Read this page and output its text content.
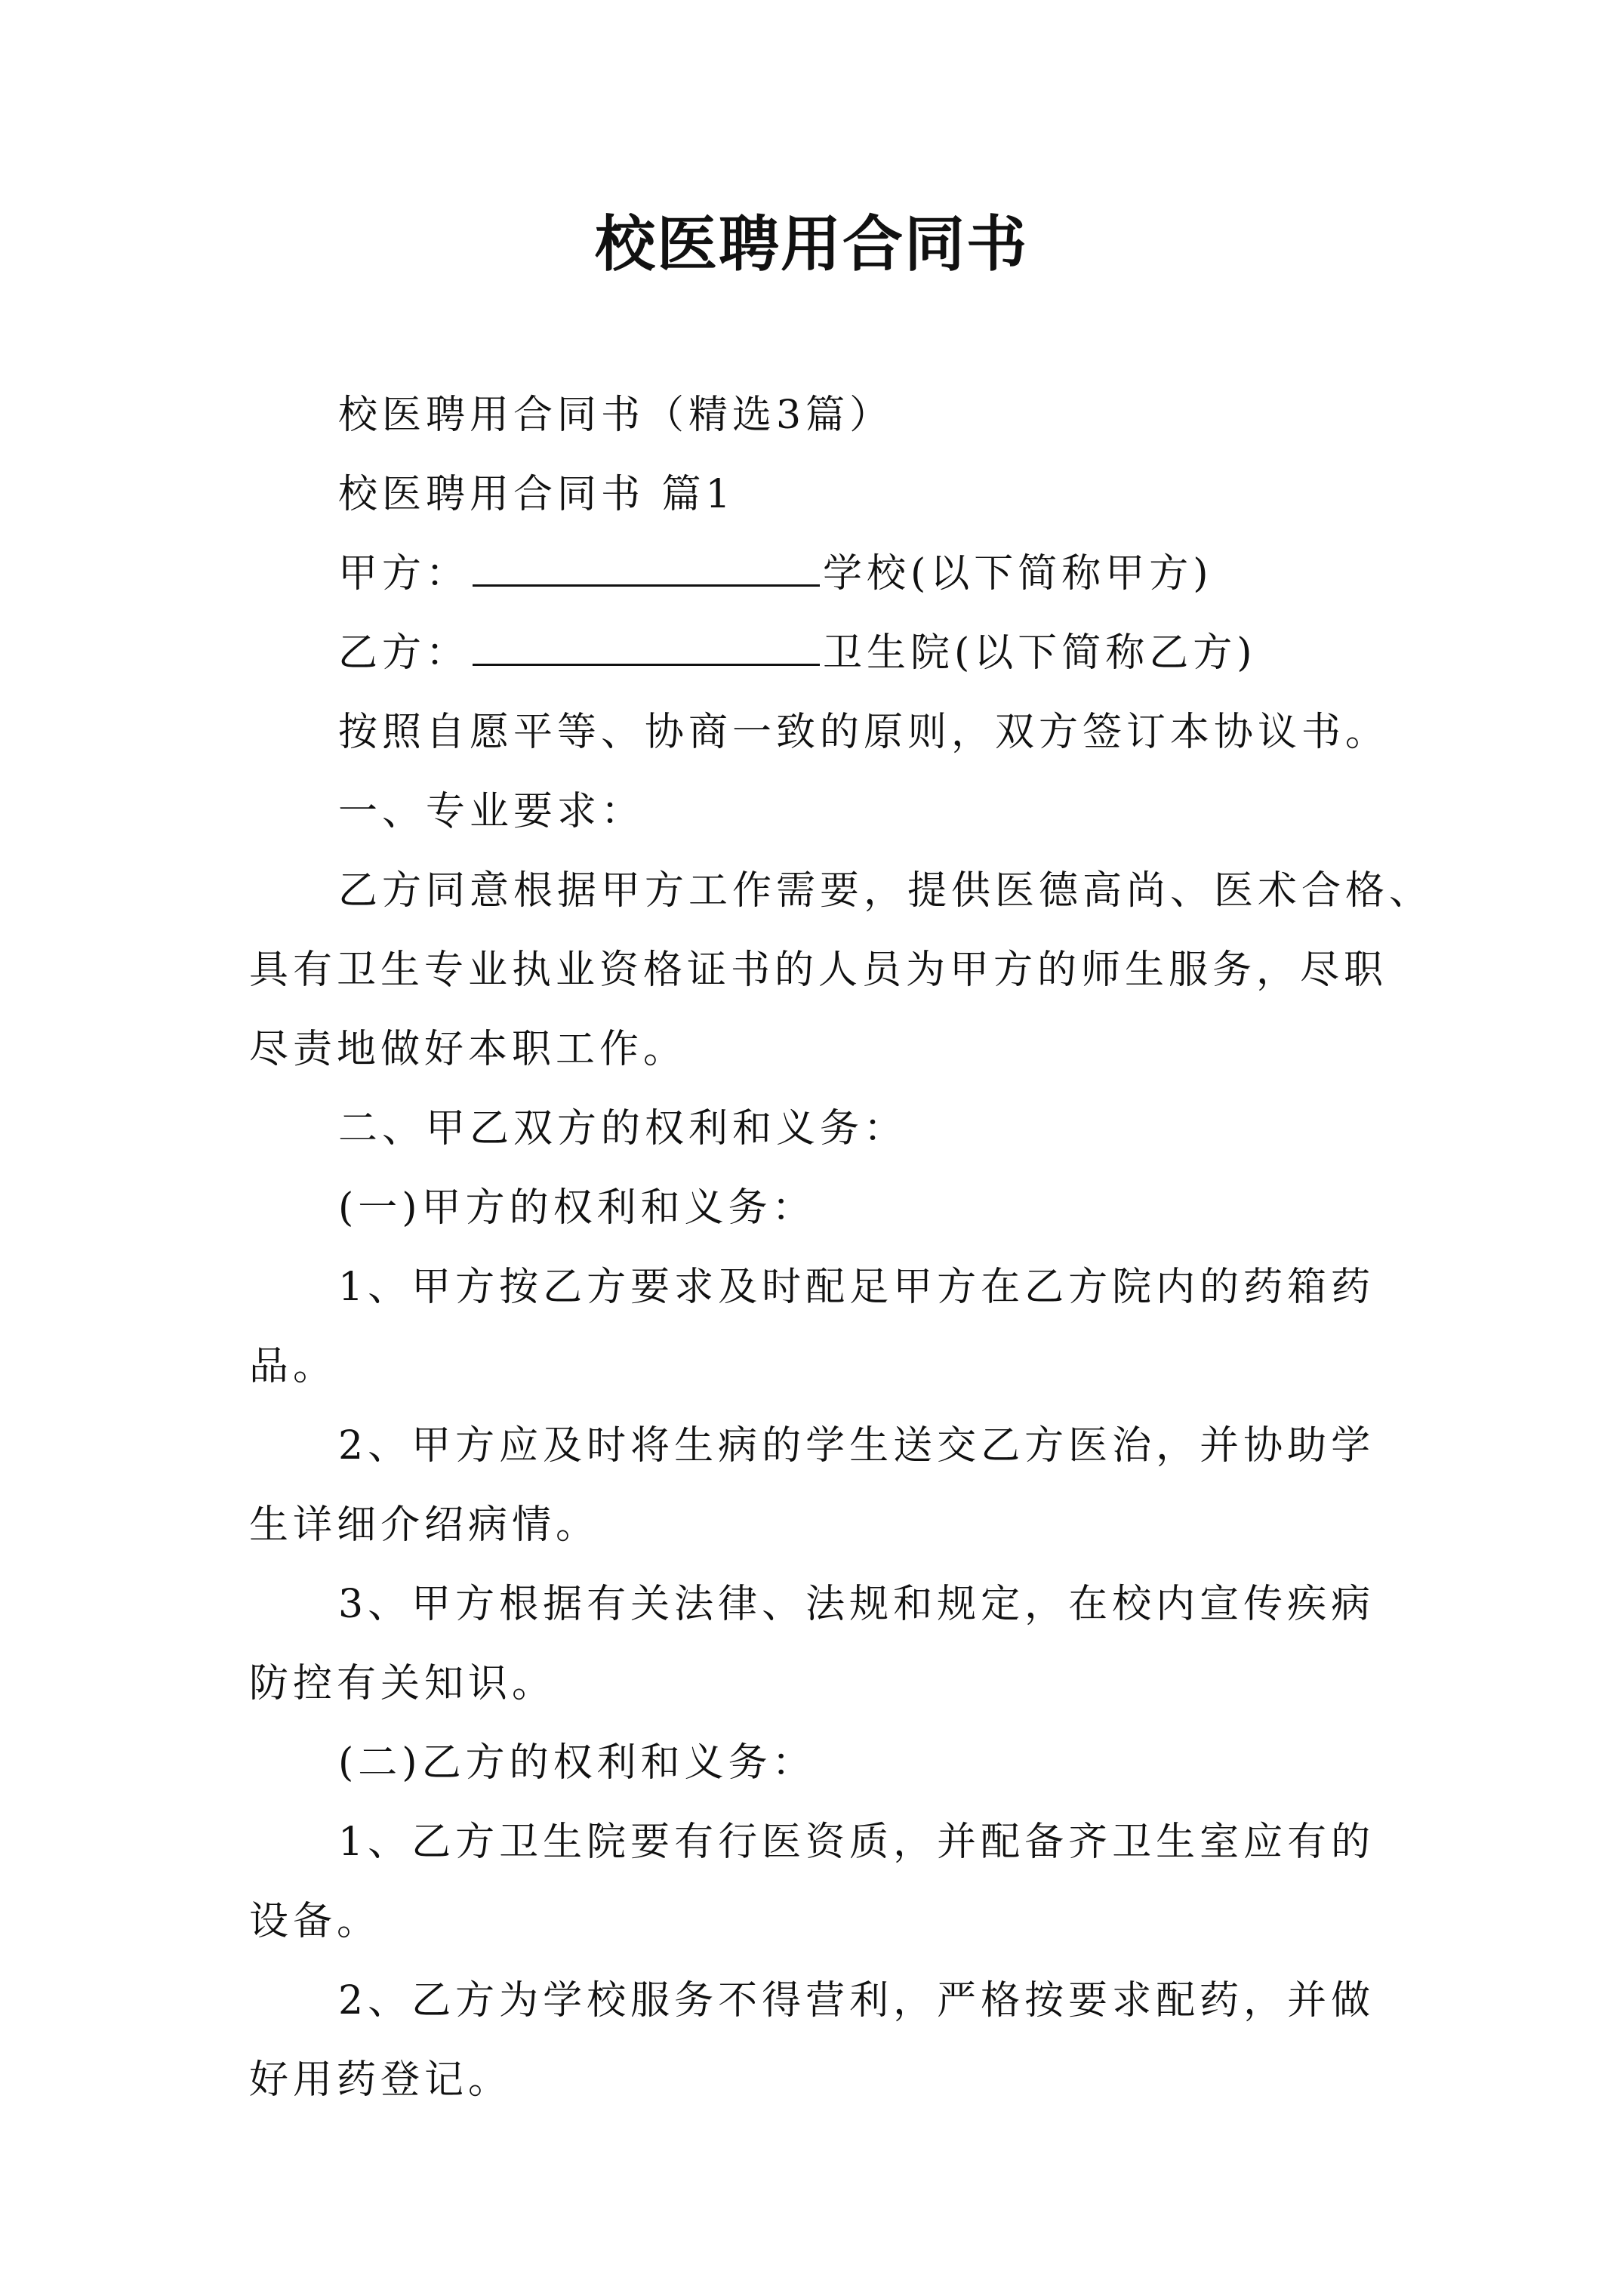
校医聘用合同书

校医聘用合同书（精选3篇）

校医聘用合同书 篇1

甲方：	学校(以下简称甲方)

乙方：	卫生院(以下简称乙方)

按照自愿平等、协商一致的原则，双方签订本协议书。

一、专业要求：

乙方同意根据甲方工作需要，提供医德高尚、医术合格、

具有卫生专业执业资格证书的人员为甲方的师生服务，尽职

尽责地做好本职工作。

二、甲乙双方的权利和义务：

(一)甲方的权利和义务：

1、甲方按乙方要求及时配足甲方在乙方院内的药箱药

品。

2、甲方应及时将生病的学生送交乙方医治，并协助学

生详细介绍病情。

3、甲方根据有关法律、法规和规定，在校内宣传疾病

防控有关知识。

(二)乙方的权利和义务：

1、乙方卫生院要有行医资质，并配备齐卫生室应有的

设备。

2、乙方为学校服务不得营利，严格按要求配药，并做

好用药登记。
